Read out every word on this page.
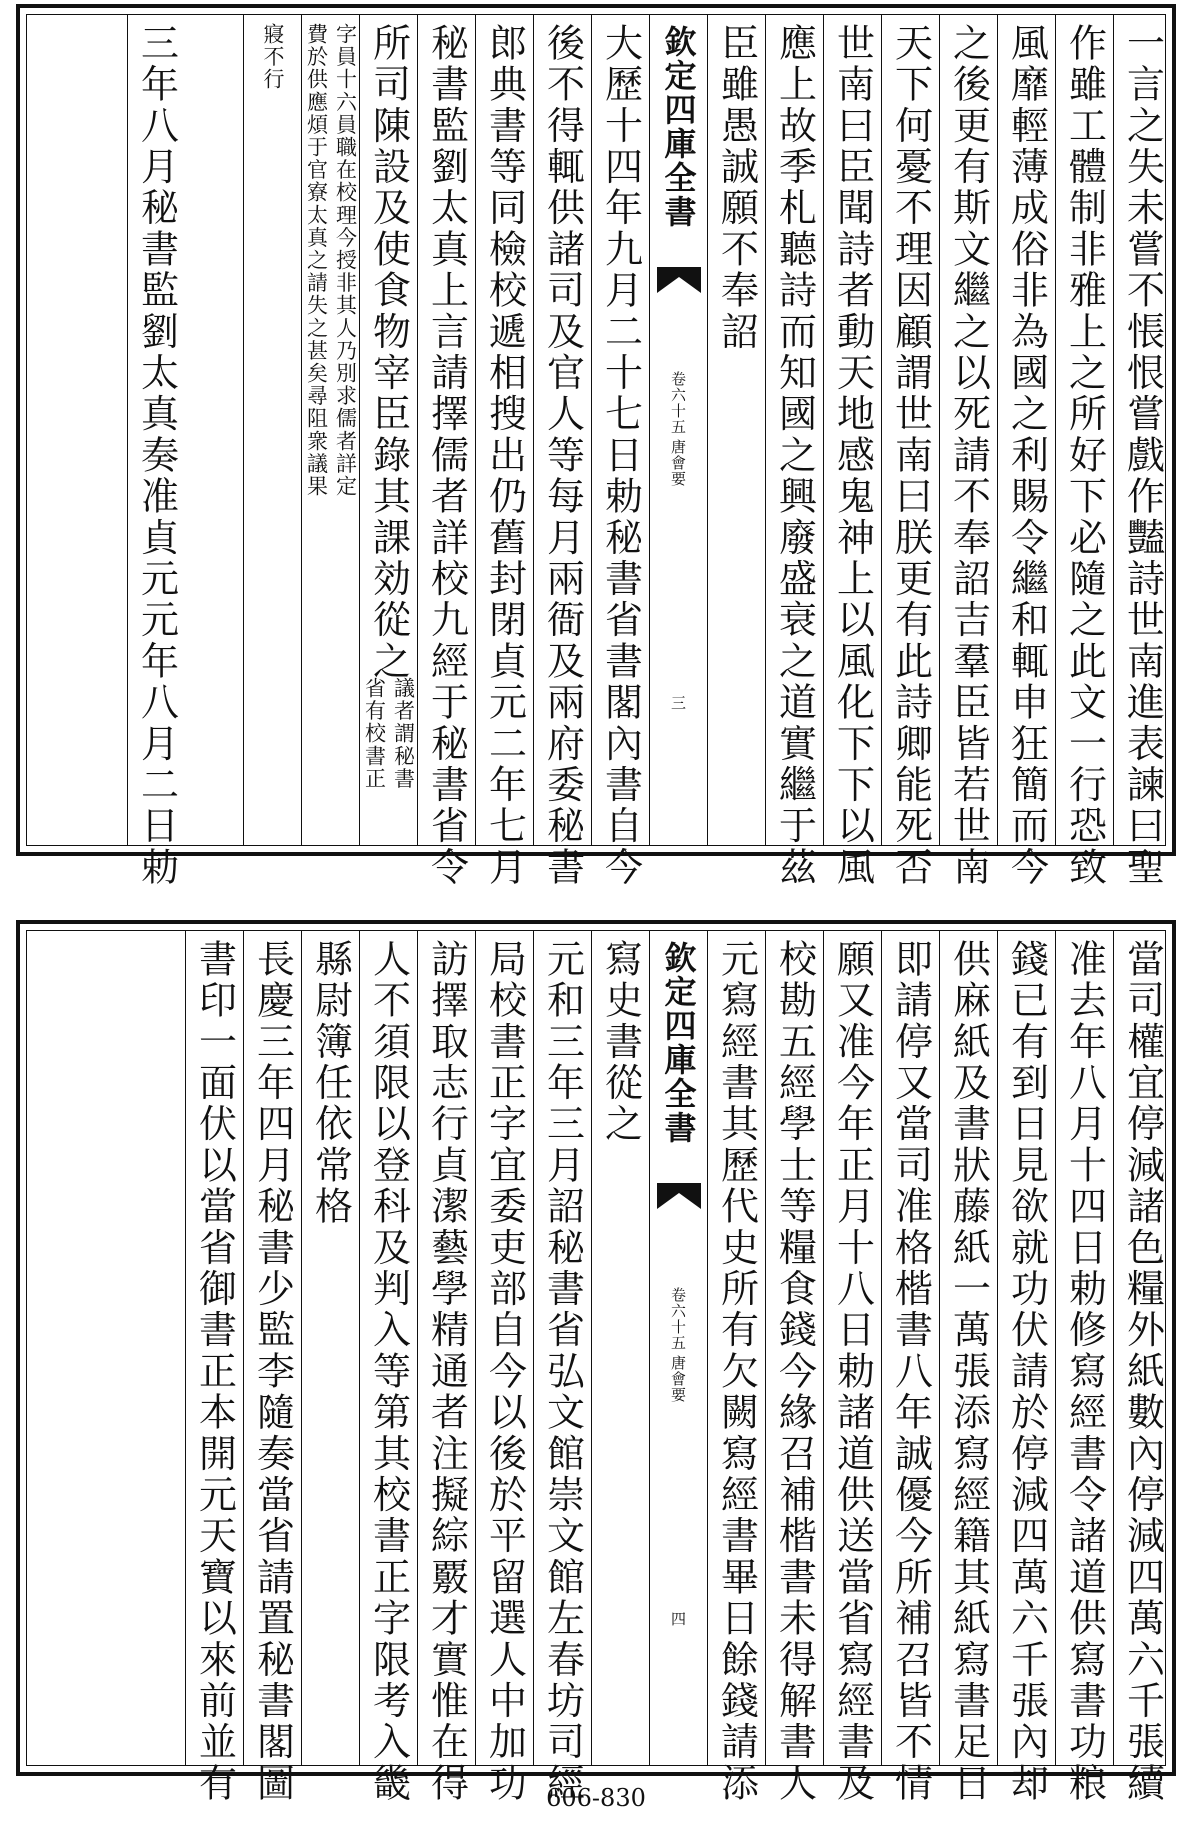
一言之失未嘗不悵恨嘗戲作豔詩世南進表諫曰聖
作雖工體制非雅上之所好下必隨之此文一行恐致
風靡輕薄成俗非為國之利賜令繼和輒申狂簡而今
之後更有斯文繼之以死請不奉詔吉羣臣皆若世南
天下何憂不理因顧謂世南曰朕更有此詩卿能死否
世南曰臣聞詩者動天地感鬼神上以風化下下以風
應上故季札聽詩而知國之興廢盛衰之道實繼于茲
臣雖愚誠願不奉詔
欽定四庫全書
唐會要
卷六十五
三
大歷十四年九月二十七日勅秘書省書閣內書自今
後不得輒供諸司及官人等每月兩衙及兩府委秘書
郎典書等同檢校遞相搜出仍舊封閉貞元二年七月
秘書監劉太真上言請擇儒者詳校九經于秘書省令
所司陳設及使食物宰臣錄其課効從之
議者謂秘書
省有校書正
字員十六員職在校理今授非其人乃別求儒者詳定
費於供應煩于官寮太真之請失之甚矣尋阻衆議果
寢不行
三年八月秘書監劉太真奏准貞元元年八月二日勅
當司權宜停減諸色糧外紙數內停減四萬六千張續
准去年八月十四日勅修寫經書令諸道供寫書功粮
錢已有到日見欲就功伏請於停減四萬六千張內却
供麻紙及書狀藤紙一萬張添寫經籍其紙寫書足日
即請停又當司准格楷書八年誠優今所補召皆不情
願又准今年正月十八日勅諸道供送當省寫經書及
校勘五經學士等糧食錢今緣召補楷書未得解書人
元寫經書其歷代史所有欠闕寫經書畢日餘錢請添
欽定四庫全書
唐會要
卷六十五
四
寫史書從之
元和三年三月詔秘書省弘文館崇文館左春坊司經
局校書正字宜委吏部自今以後於平留選人中加功
訪擇取志行貞潔藝學精通者注擬綜覈才實惟在得
人不須限以登科及判入等第其校書正字限考入畿
縣尉簿任依常格
長慶三年四月秘書少監李隨奏當省請置秘書閣圖
書印一面伏以當省御書正本開元天寶以來前並有	606-830
